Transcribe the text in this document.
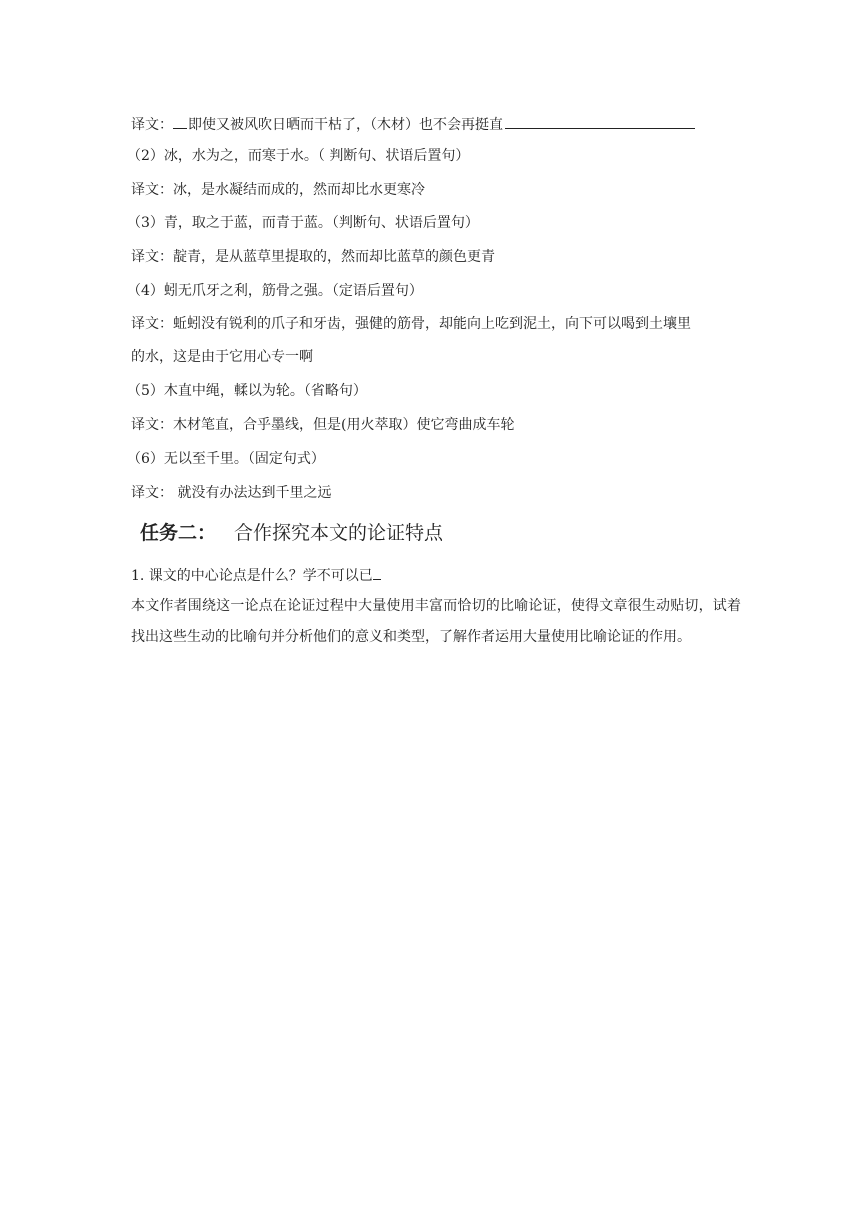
译文： 即使又被风吹日晒而干枯了，（木材）也不会再挺直
（2）冰，水为之，而寒于水。（ 判断句、状语后置句）
译文：冰，是水凝结而成的，然而却比水更寒冷
（3）青，取之于蓝，而青于蓝。（判断句、状语后置句）
译文：靛青，是从蓝草里提取的，然而却比蓝草的颜色更青
（4）蚓无爪牙之利，筋骨之强。（定语后置句）
译文：蚯蚓没有锐利的爪子和牙齿，强健的筋骨，却能向上吃到泥土，向下可以喝到土壤里
的水，这是由于它用心专一啊
（5）木直中绳，輮以为轮。（省略句）
译文：木材笔直，合乎墨线，但是(用火萃取）使它弯曲成车轮
（6）无以至千里。（固定句式）
译文： 就没有办法达到千里之远
任务二： 合作探究本文的论证特点
1. 课文的中心论点是什么？学不可以已
本文作者围绕这一论点在论证过程中大量使用丰富而恰切的比喻论证，使得文章很生动贴切，试着找出这些生动的比喻句并分析他们的意义和类型，了解作者运用大量使用比喻论证的作用。
